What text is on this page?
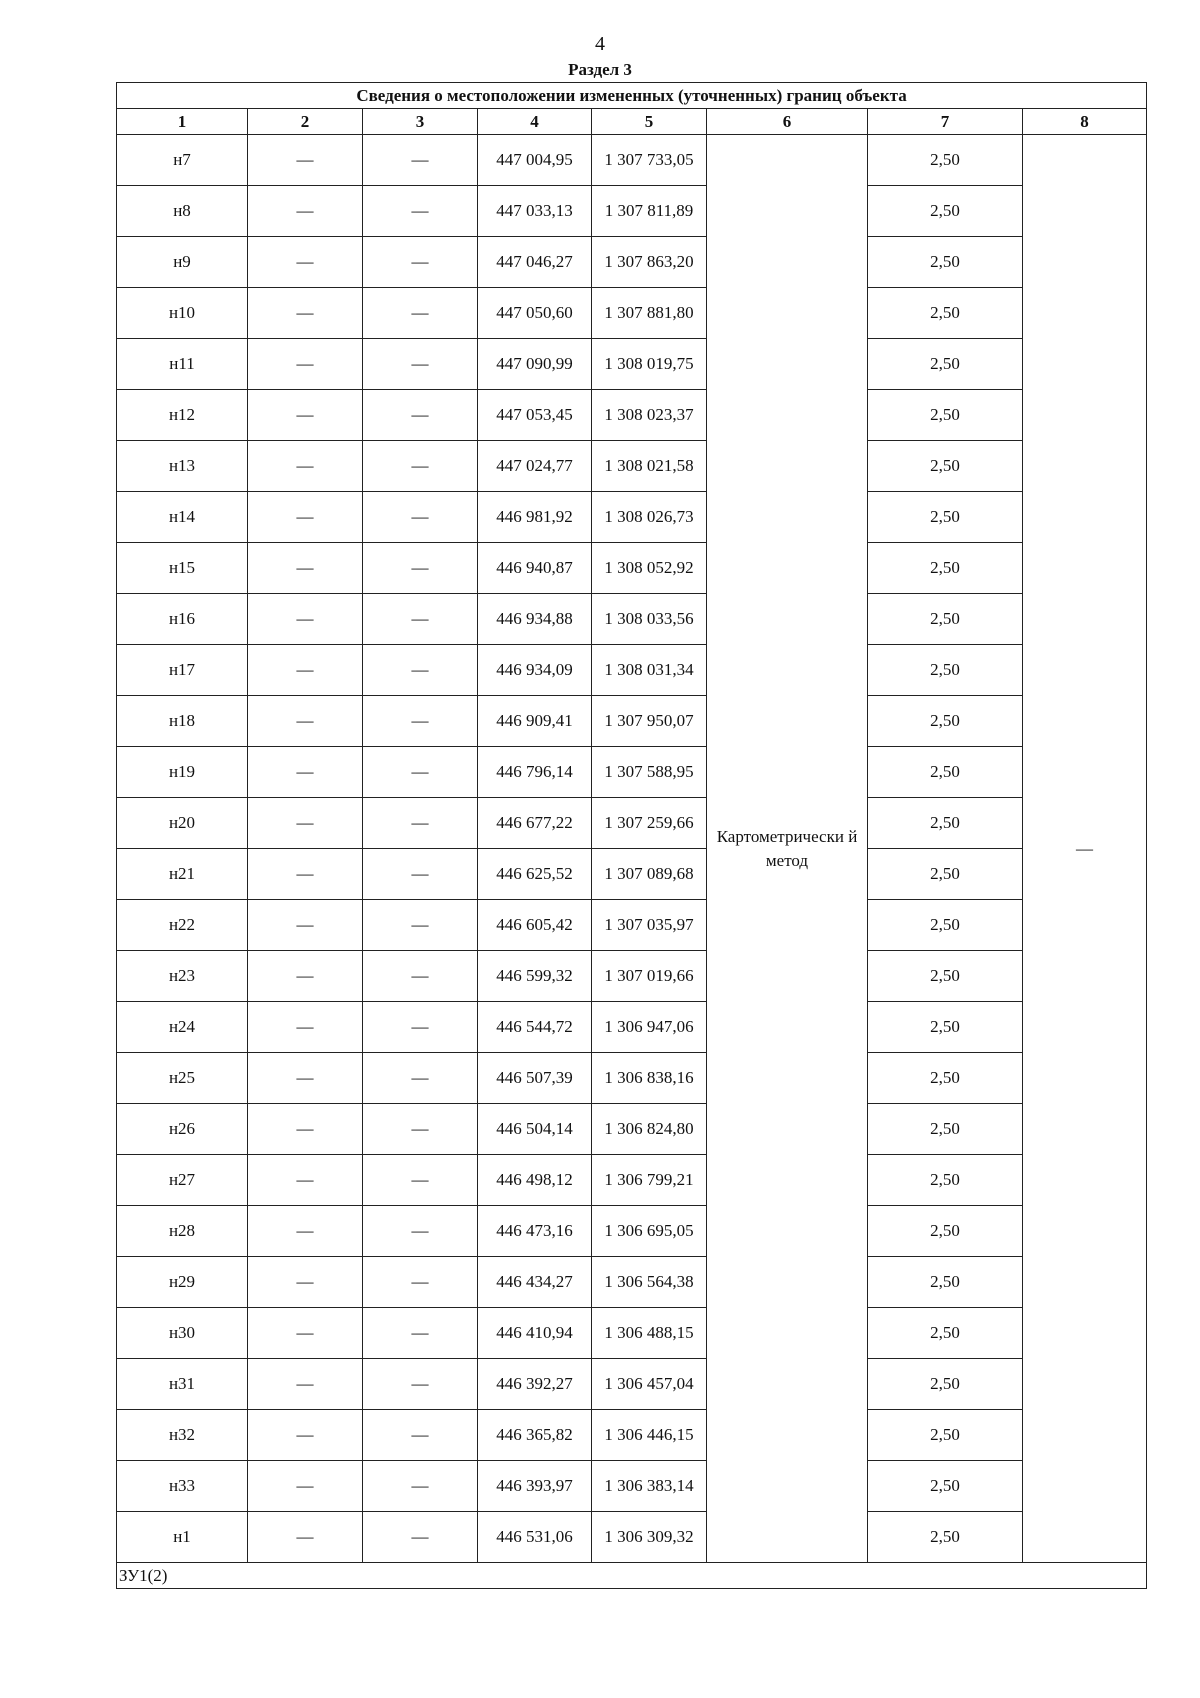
4
Раздел 3
Сведения о местоположении измененных (уточненных) границ объекта							
1	2	3	4	5	6	7	8
н7	—	—	447 004,95	1 307 733,05	Картометрически й метод	2,50	—
н8	—	—	447 033,13	1 307 811,89		2,50	
н9	—	—	447 046,27	1 307 863,20		2,50	
н10	—	—	447 050,60	1 307 881,80		2,50	
н11	—	—	447 090,99	1 308 019,75		2,50	
н12	—	—	447 053,45	1 308 023,37		2,50	
н13	—	—	447 024,77	1 308 021,58		2,50	
н14	—	—	446 981,92	1 308 026,73		2,50	
н15	—	—	446 940,87	1 308 052,92		2,50	
н16	—	—	446 934,88	1 308 033,56		2,50	
н17	—	—	446 934,09	1 308 031,34		2,50	
н18	—	—	446 909,41	1 307 950,07		2,50	
н19	—	—	446 796,14	1 307 588,95		2,50	
н20	—	—	446 677,22	1 307 259,66		2,50	
н21	—	—	446 625,52	1 307 089,68		2,50	
н22	—	—	446 605,42	1 307 035,97		2,50	
н23	—	—	446 599,32	1 307 019,66		2,50	
н24	—	—	446 544,72	1 306 947,06		2,50	
н25	—	—	446 507,39	1 306 838,16		2,50	
н26	—	—	446 504,14	1 306 824,80		2,50	
н27	—	—	446 498,12	1 306 799,21		2,50	
н28	—	—	446 473,16	1 306 695,05		2,50	
н29	—	—	446 434,27	1 306 564,38		2,50	
н30	—	—	446 410,94	1 306 488,15		2,50	
н31	—	—	446 392,27	1 306 457,04		2,50	
н32	—	—	446 365,82	1 306 446,15		2,50	
н33	—	—	446 393,97	1 306 383,14		2,50	
н1	—	—	446 531,06	1 306 309,32		2,50	
ЗУ1(2)							
